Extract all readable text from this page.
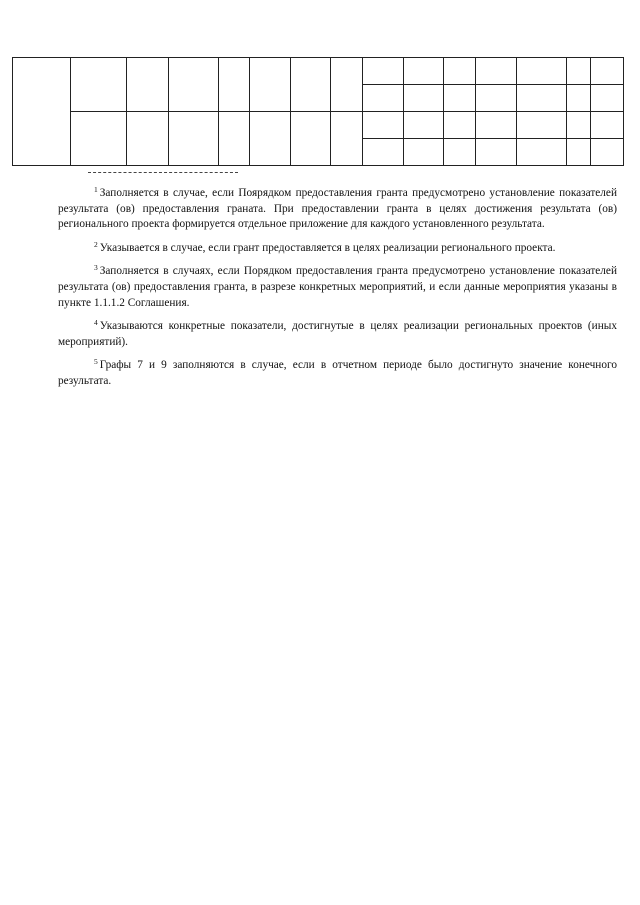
$^1$ Заполняется в случае, если Поярядком предоставления гранта предусмотрено установление показателей результата (ов) предоставления граната. При предоставлении гранта в целях достижения результата (ов) регионального проекта формируется отдельное приложение для каждого установленного результата.

$^2$ Указывается в случае, если грант предоставляется в целях реализации регионального проекта.

$^3$ Заполняется в случаях, если Порядком предоставления гранта предусмотрено установление показателей результата (ов) предоставления гранта, в разрезе конкретных мероприятий, и если данные мероприятия указаны в пункте 1.1.1.2 Соглашения.

$^4$ Указываются конкретные показатели, достигнутые в целях реализации региональных проектов (иных мероприятий).

$^5$ Графы 7 и 9 заполняются в случае, если в отчетном периоде было достигнуто значение конечного результата.
